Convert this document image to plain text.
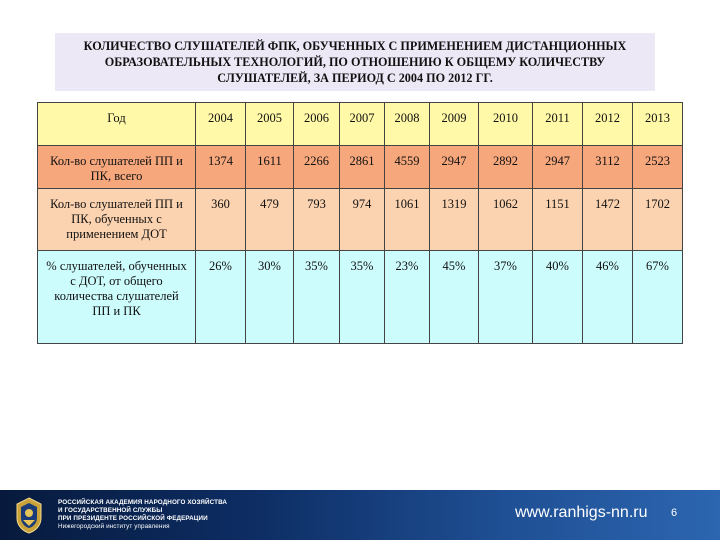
КОЛИЧЕСТВО СЛУШАТЕЛЕЙ ФПК, ОБУЧЕННЫХ С ПРИМЕНЕНИЕМ ДИСТАНЦИОННЫХ ОБРАЗОВАТЕЛЬНЫХ ТЕХНОЛОГИЙ, ПО ОТНОШЕНИЮ К ОБЩЕМУ КОЛИЧЕСТВУ СЛУШАТЕЛЕЙ, ЗА ПЕРИОД С 2004 ПО 2012 ГГ.
Год	2004	2005	2006	2007	2008	2009	2010	2011	2012	2013
Кол-во слушателей ПП и ПК, всего	1374	1611	2266	2861	4559	2947	2892	2947	3112	2523
Кол-во слушателей ПП и ПК, обученных с применением ДОТ	360	479	793	974	1061	1319	1062	1151	1472	1702
% слушателей, обученных с ДОТ, от общего количества слушателей ПП и ПК	26%	30%	35%	35%	23%	45%	37%	40%	46%	67%
РОССИЙСКАЯ АКАДЕМИЯ НАРОДНОГО ХОЗЯЙСТВА
И ГОСУДАРСТВЕННОЙ СЛУЖБЫ
ПРИ ПРЕЗИДЕНТЕ РОССИЙСКОЙ ФЕДЕРАЦИИ
Нижегородский институт управления
www.ranhigs-nn.ru 6
